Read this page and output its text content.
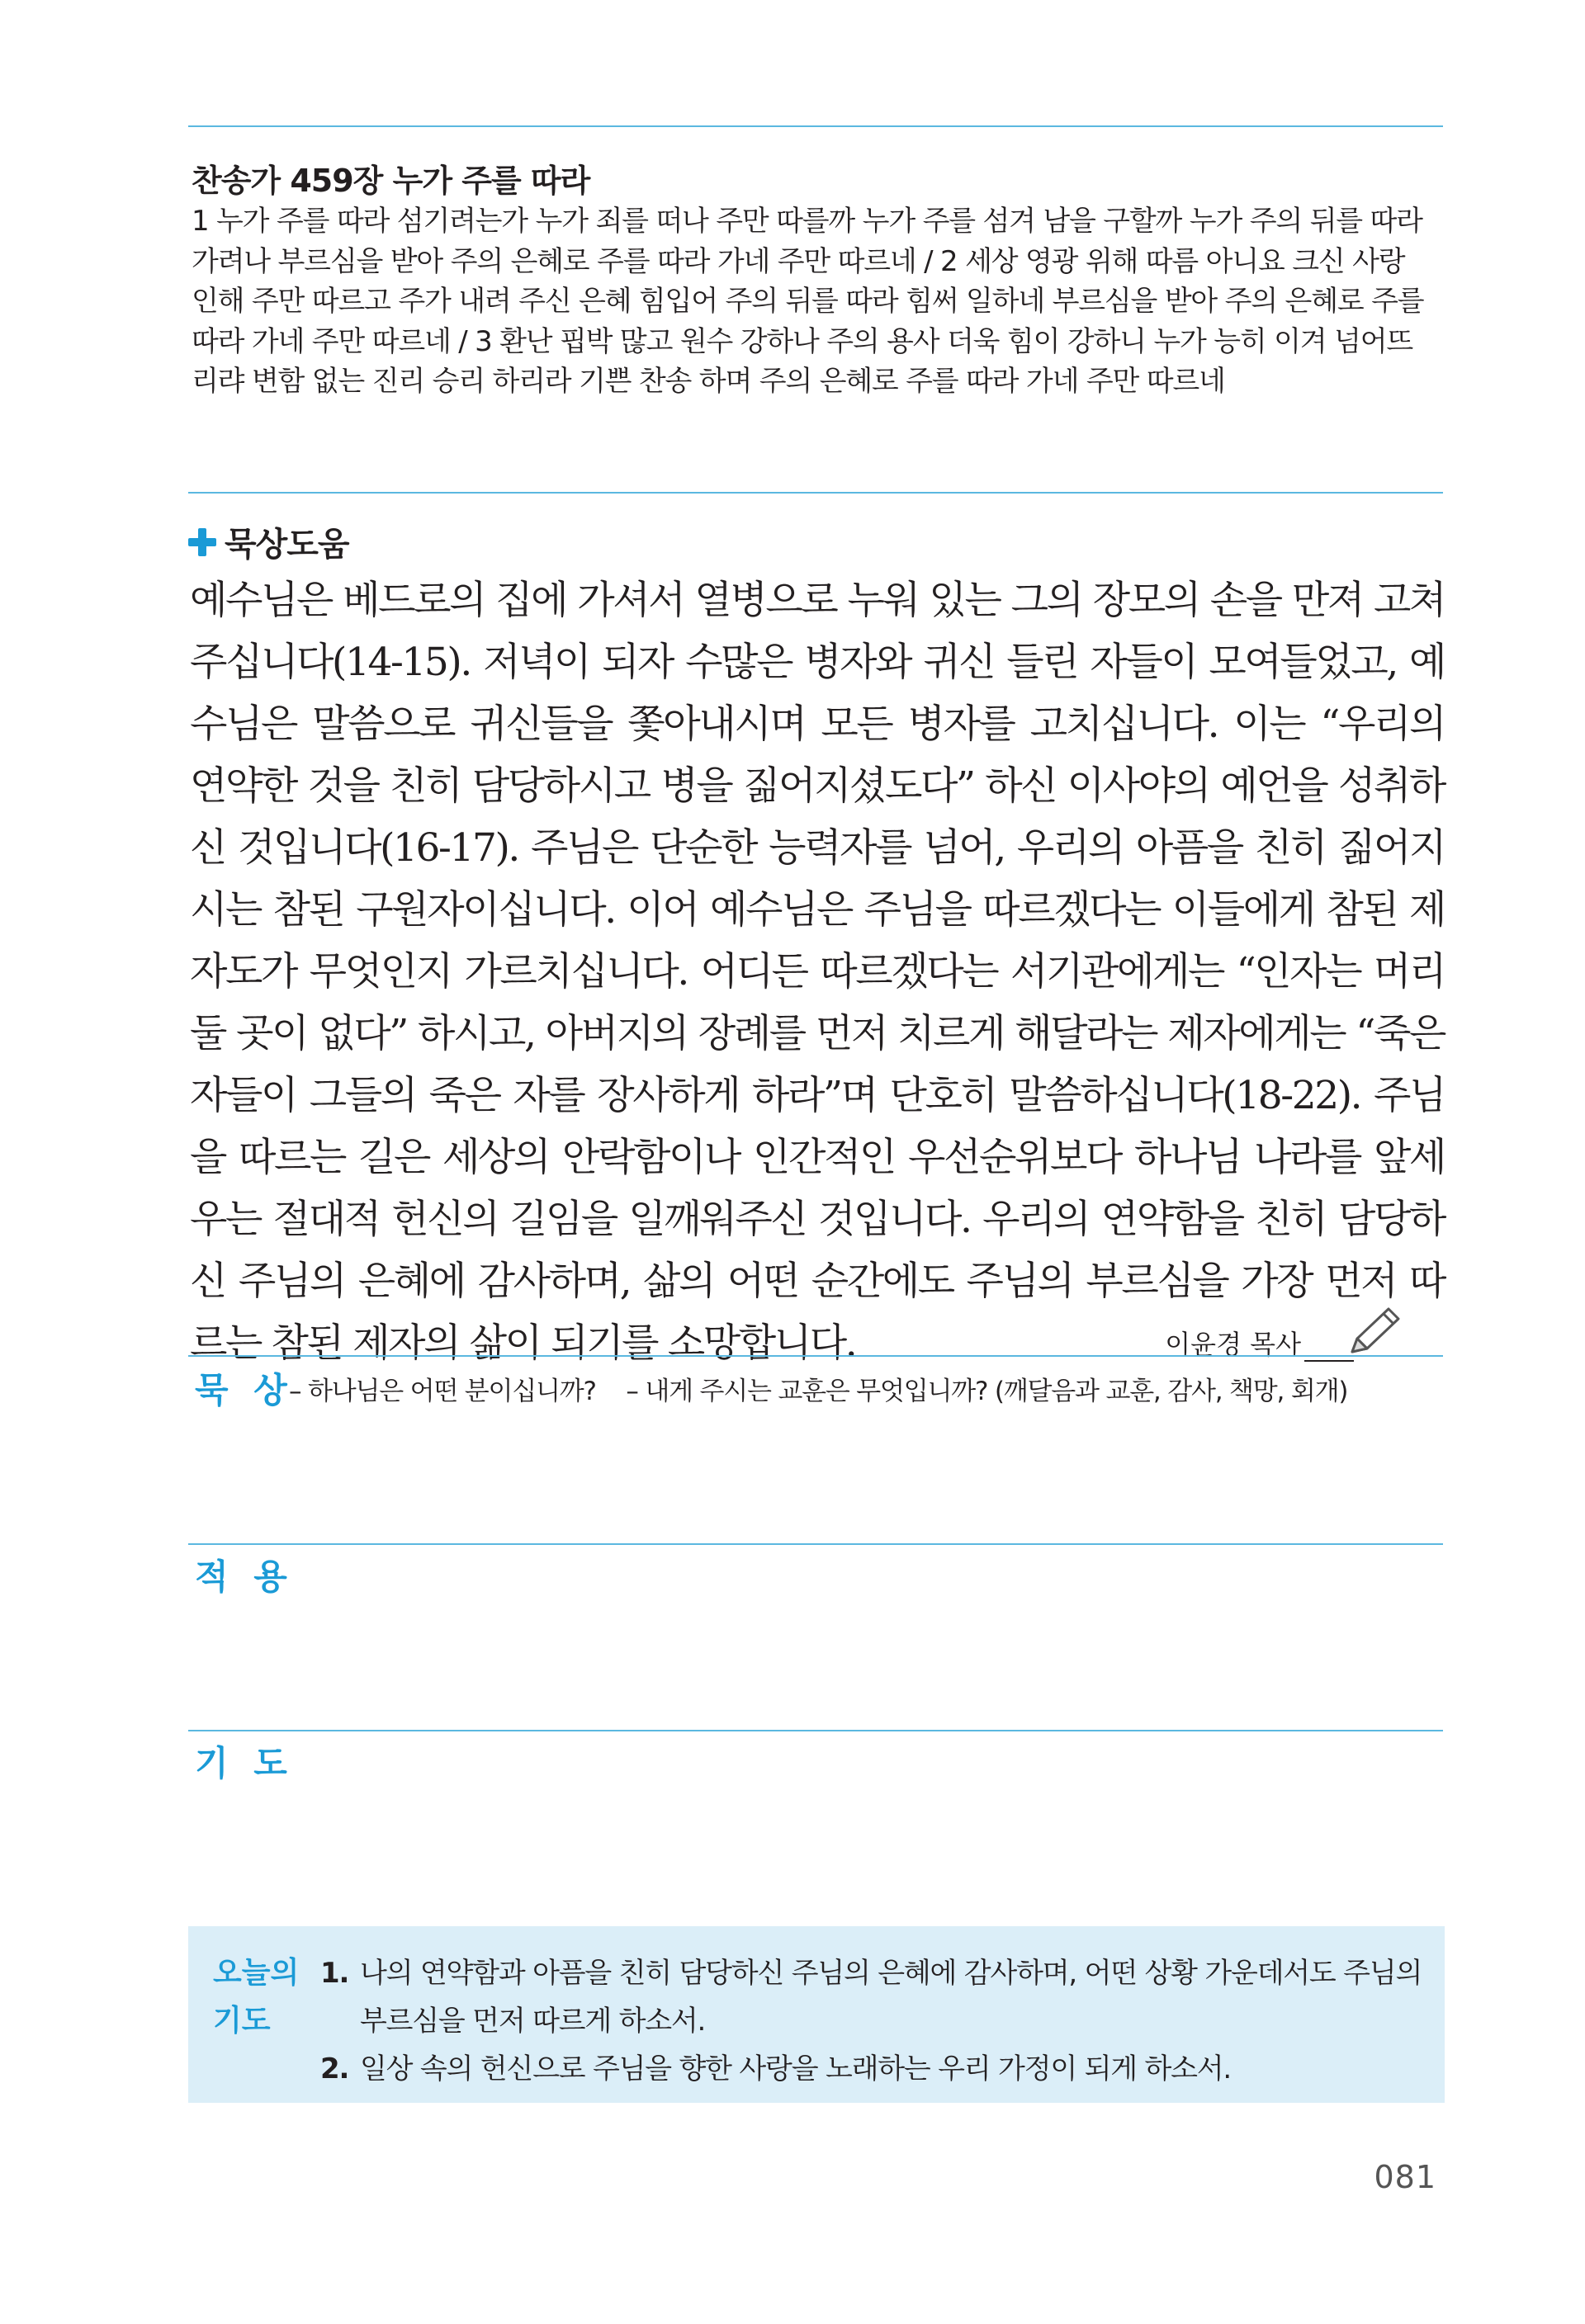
찬송가 459장 누가 주를 따라

1 누가 주를 따라 섬기려는가 누가 죄를 떠나 주만 따를까 누가 주를 섬겨 남을 구할까 누가 주의 뒤를 따라 가려나 부르심을 받아 주의 은혜로 주를 따라 가네 주만 따르네 / 2 세상 영광 위해 따름 아니요 크신 사랑 인해 주만 따르고 주가 내려 주신 은혜 힘입어 주의 뒤를 따라 힘써 일하네 부르심을 받아 주의 은혜로 주를 따라 가네 주만 따르네 / 3 환난 핍박 많고 원수 강하나 주의 용사 더욱 힘이 강하니 누가 능히 이겨 넘어뜨리랴 변함 없는 진리 승리 하리라 기쁜 찬송 하며 주의 은혜로 주를 따라 가네 주만 따르네

묵상도움

예수님은 베드로의 집에 가셔서 열병으로 누워 있는 그의 장모의 손을 만져 고쳐주십니다(14-15). 저녁이 되자 수많은 병자와 귀신 들린 자들이 모여들었고, 예수님은 말씀으로 귀신들을 쫓아내시며 모든 병자를 고치십니다. 이는 “우리의 연약한 것을 친히 담당하시고 병을 짊어지셨도다” 하신 이사야의 예언을 성취하신 것입니다(16-17). 주님은 단순한 능력자를 넘어, 우리의 아픔을 친히 짊어지시는 참된 구원자이십니다. 이어 예수님은 주님을 따르겠다는 이들에게 참된 제자도가 무엇인지 가르치십니다. 어디든 따르겠다는 서기관에게는 “인자는 머리 둘 곳이 없다” 하시고, 아버지의 장례를 먼저 치르게 해달라는 제자에게는 “죽은 자들이 그들의 죽은 자를 장사하게 하라”며 단호히 말씀하십니다(18-22). 주님을 따르는 길은 세상의 안락함이나 인간적인 우선순위보다 하나님 나라를 앞세우는 절대적 헌신의 길임을 일깨워주신 것입니다. 우리의 연약함을 친히 담당하신 주님의 은혜에 감사하며, 삶의 어떤 순간에도 주님의 부르심을 가장 먼저 따르는 참된 제자의 삶이 되기를 소망합니다.	이윤경 목사
묵 상
– 하나님은 어떤 분이십니까? – 내게 주시는 교훈은 무엇입니까? (깨달음과 교훈, 감사, 책망, 회개)
적 용
기 도
오늘의 기도
1. 나의 연약함과 아픔을 친히 담당하신 주님의 은혜에 감사하며, 어떤 상황 가운데서도 주님의 부르심을 먼저 따르게 하소서.
2. 일상 속의 헌신으로 주님을 향한 사랑을 노래하는 우리 가정이 되게 하소서.
081
